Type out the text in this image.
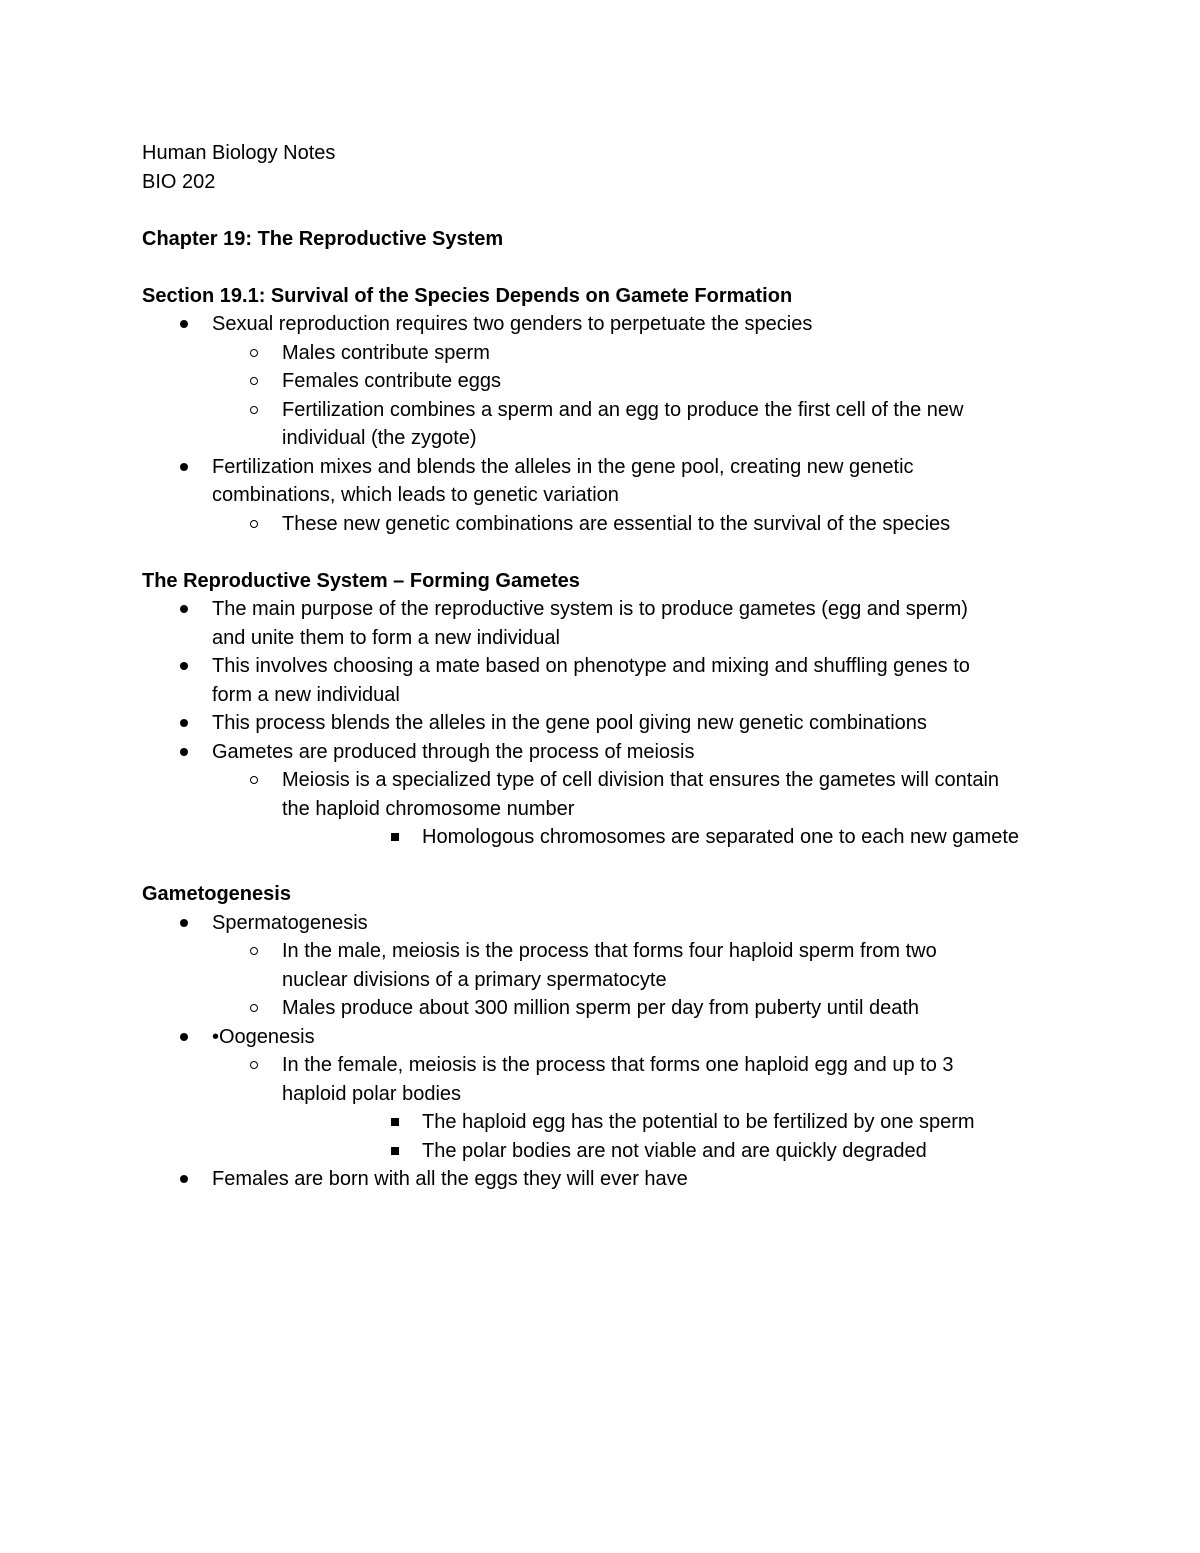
Human Biology Notes
BIO 202
Chapter 19: The Reproductive System
Section 19.1: Survival of the Species Depends on Gamete Formation
Sexual reproduction requires two genders to perpetuate the species
Males contribute sperm
Females contribute eggs
Fertilization combines a sperm and an egg to produce the first cell of the new
individual (the zygote)
Fertilization mixes and blends the alleles in the gene pool, creating new genetic
combinations, which leads to genetic variation
These new genetic combinations are essential to the survival of the species
The Reproductive System – Forming Gametes
The main purpose of the reproductive system is to produce gametes (egg and sperm)
and unite them to form a new individual
This involves choosing a mate based on phenotype and mixing and shuffling genes to
form a new individual
This process blends the alleles in the gene pool giving new genetic combinations
Gametes are produced through the process of meiosis
Meiosis is a specialized type of cell division that ensures the gametes will contain
the haploid chromosome number
Homologous chromosomes are separated one to each new gamete
Gametogenesis
Spermatogenesis
In the male, meiosis is the process that forms four haploid sperm from two
nuclear divisions of a primary spermatocyte
Males produce about 300 million sperm per day from puberty until death
•Oogenesis
In the female, meiosis is the process that forms one haploid egg and up to 3
haploid polar bodies
The haploid egg has the potential to be fertilized by one sperm
The polar bodies are not viable and are quickly degraded
Females are born with all the eggs they will ever have
